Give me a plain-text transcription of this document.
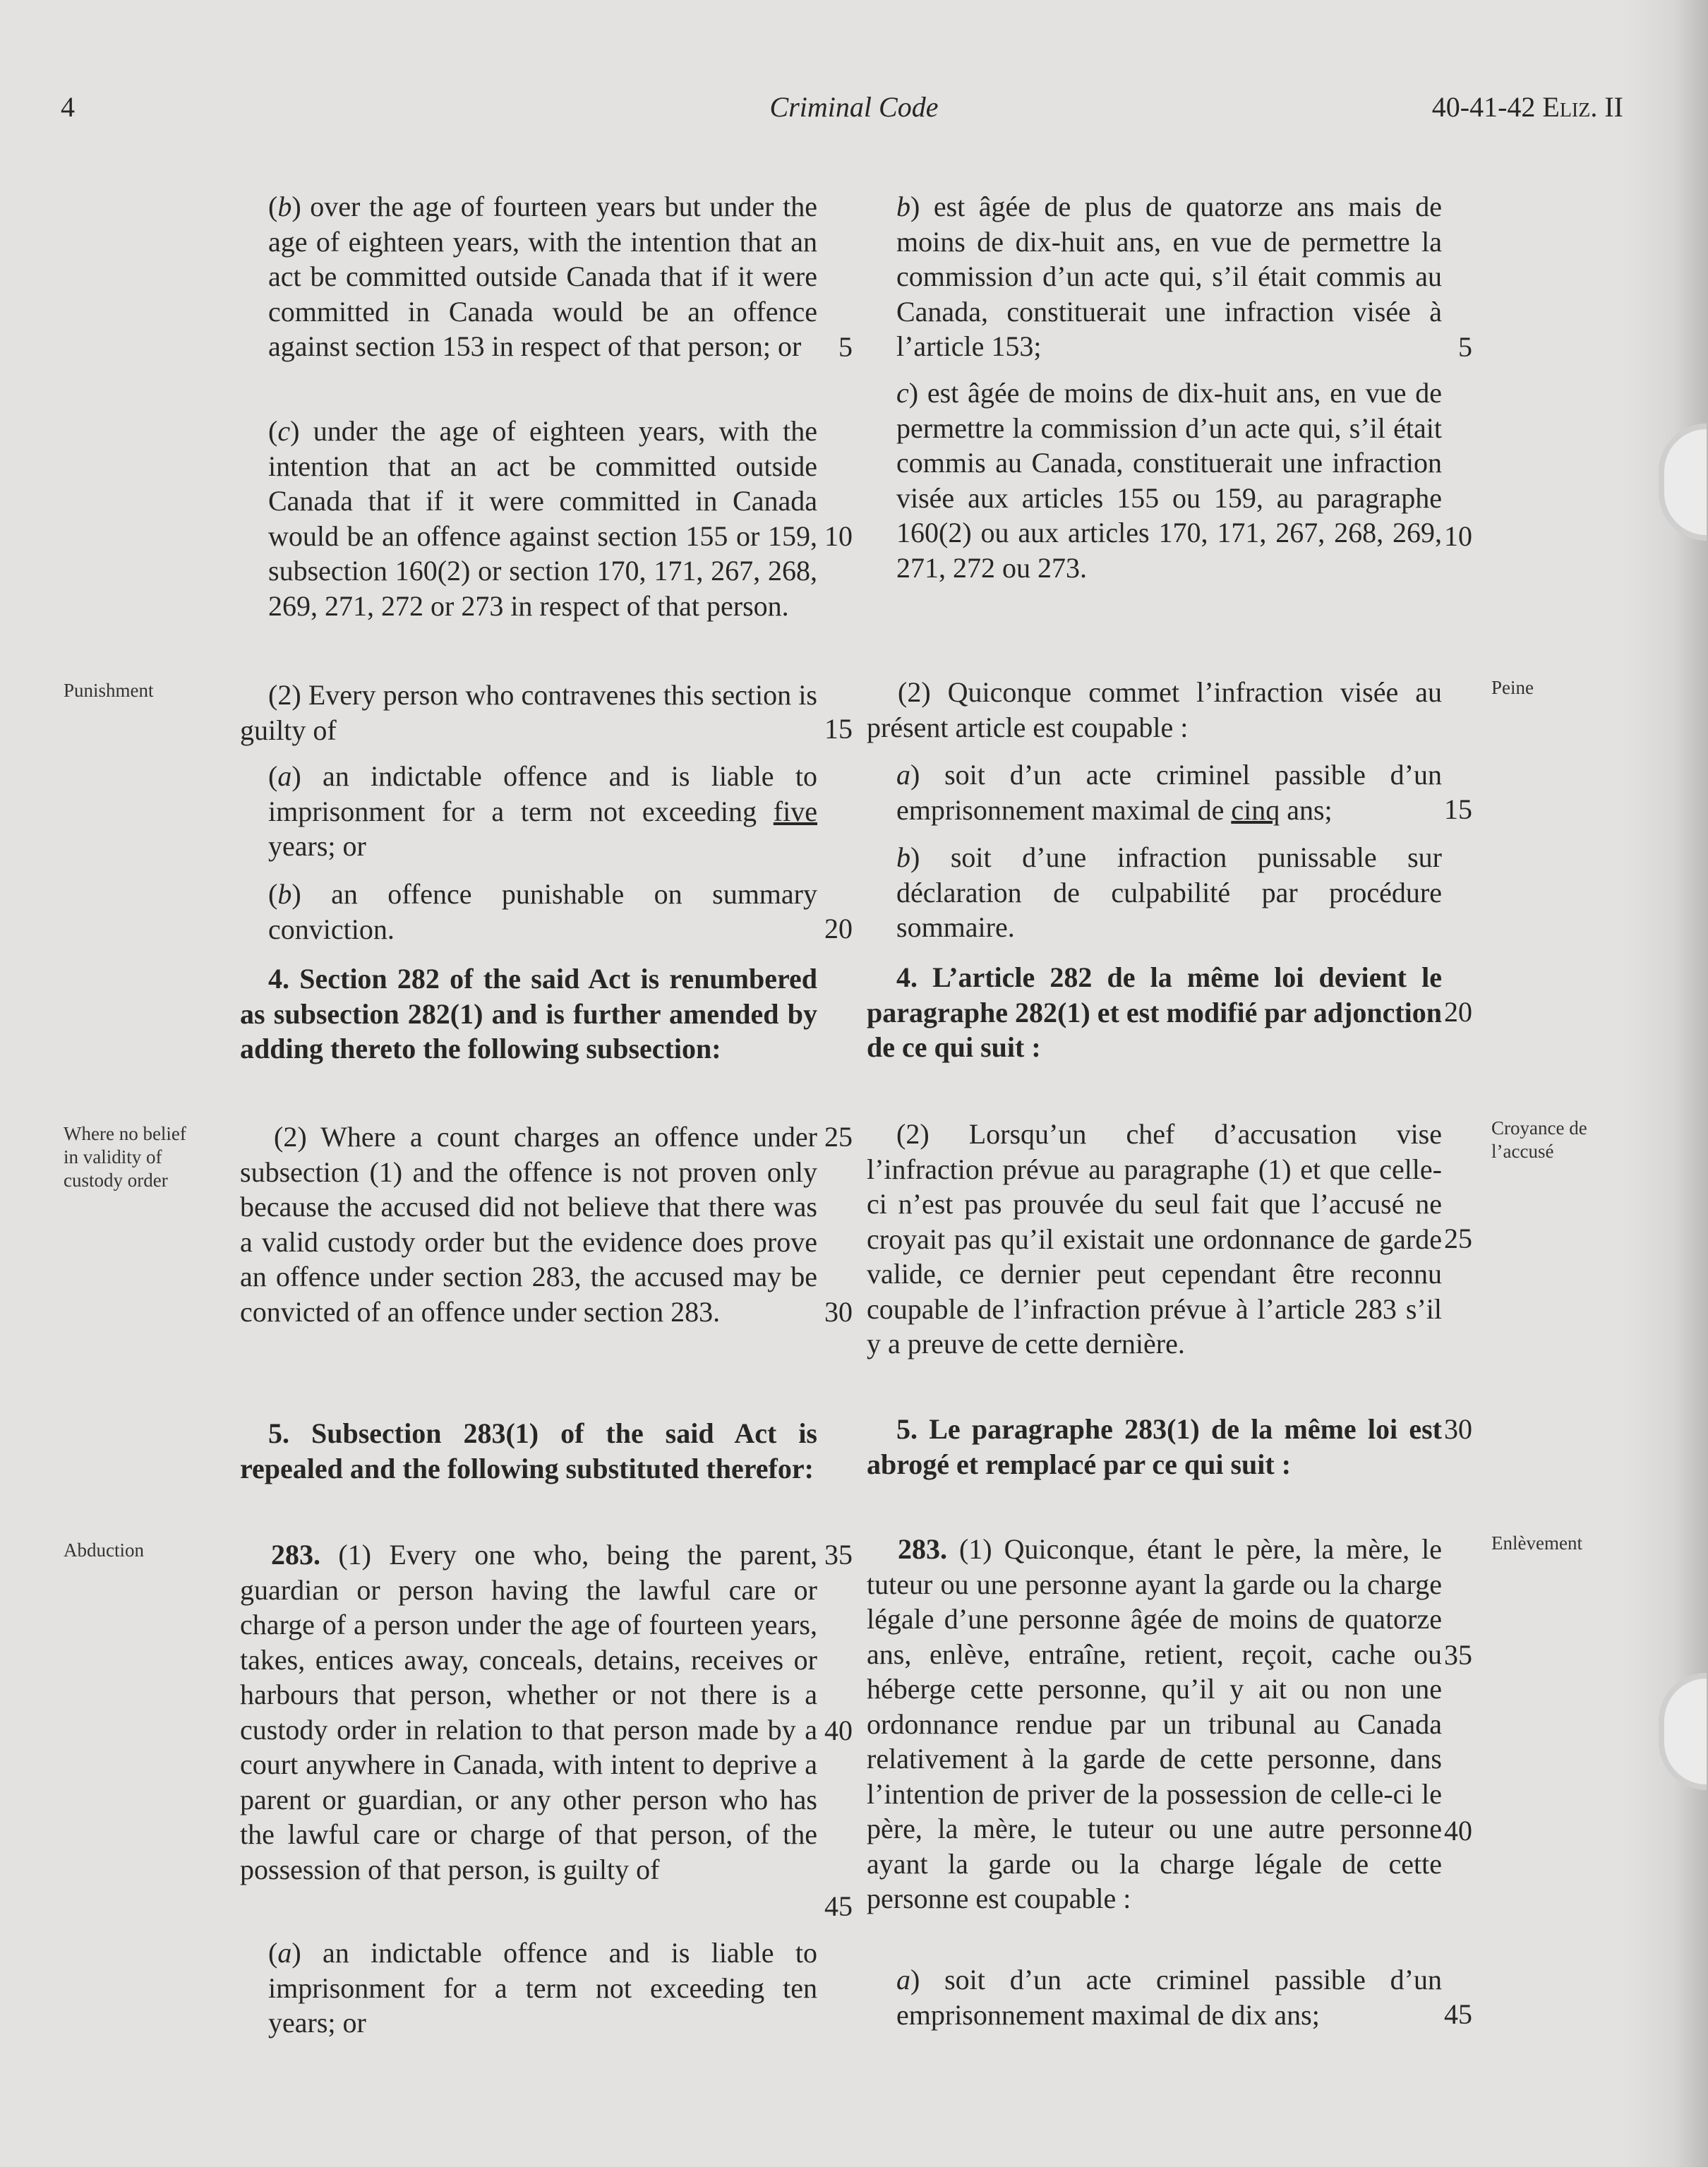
4	Criminal Code	40-41-42 Eliz. II
Punishment
Where no belief in validity of custody order
Abduction
Peine
Croyance de l’accusé
Enlèvement
(b) over the age of fourteen years but under the age of eighteen years, with the intention that an act be committed outside Canada that if it were committed in Canada would be an offence against section 153 in respect of that person; or
(c) under the age of eighteen years, with the intention that an act be committed outside Canada that if it were committed in Canada would be an offence against section 155 or 159, subsection 160(2) or section 170, 171, 267, 268, 269, 271, 272 or 273 in respect of that person.
(2) Every person who contravenes this section is guilty of
(a) an indictable offence and is liable to imprisonment for a term not exceeding five years; or
(b) an offence punishable on summary conviction.
4. Section 282 of the said Act is renumbered as subsection 282(1) and is further amended by adding thereto the following subsection:
(2) Where a count charges an offence under subsection (1) and the offence is not proven only because the accused did not believe that there was a valid custody order but the evidence does prove an offence under section 283, the accused may be convicted of an offence under section 283.
5. Subsection 283(1) of the said Act is repealed and the following substituted therefor:
283. (1) Every one who, being the parent, guardian or person having the lawful care or charge of a person under the age of fourteen years, takes, entices away, conceals, detains, receives or harbours that person, whether or not there is a custody order in relation to that person made by a court anywhere in Canada, with intent to deprive a parent or guardian, or any other person who has the lawful care or charge of that person, of the possession of that person, is guilty of
(a) an indictable offence and is liable to imprisonment for a term not exceeding ten years; or
b) est âgée de plus de quatorze ans mais de moins de dix-huit ans, en vue de permettre la commission d’un acte qui, s’il était commis au Canada, constituerait une infraction visée à l’article 153;
c) est âgée de moins de dix-huit ans, en vue de permettre la commission d’un acte qui, s’il était commis au Canada, constituerait une infraction visée aux articles 155 ou 159, au paragraphe 160(2) ou aux articles 170, 171, 267, 268, 269, 271, 272 ou 273.
(2) Quiconque commet l’infraction visée au présent article est coupable :
a) soit d’un acte criminel passible d’un emprisonnement maximal de cinq ans;
b) soit d’une infraction punissable sur déclaration de culpabilité par procédure sommaire.
4. L’article 282 de la même loi devient le paragraphe 282(1) et est modifié par adjonction de ce qui suit :
(2) Lorsqu’un chef d’accusation vise l’infraction prévue au paragraphe (1) et que celle-ci n’est pas prouvée du seul fait que l’accusé ne croyait pas qu’il existait une ordonnance de garde valide, ce dernier peut cependant être reconnu coupable de l’infraction prévue à l’article 283 s’il y a preuve de cette dernière.
5. Le paragraphe 283(1) de la même loi est abrogé et remplacé par ce qui suit :
283. (1) Quiconque, étant le père, la mère, le tuteur ou une personne ayant la garde ou la charge légale d’une personne âgée de moins de quatorze ans, enlève, entraîne, retient, reçoit, cache ou héberge cette personne, qu’il y ait ou non une ordonnance rendue par un tribunal au Canada relativement à la garde de cette personne, dans l’intention de priver de la possession de celle-ci le père, la mère, le tuteur ou une autre personne ayant la garde ou la charge légale de cette personne est coupable :
a) soit d’un acte criminel passible d’un emprisonnement maximal de dix ans;
5
10
15
20
25
30
35
40
45
5
10
15
20
25
30
35
40
45
